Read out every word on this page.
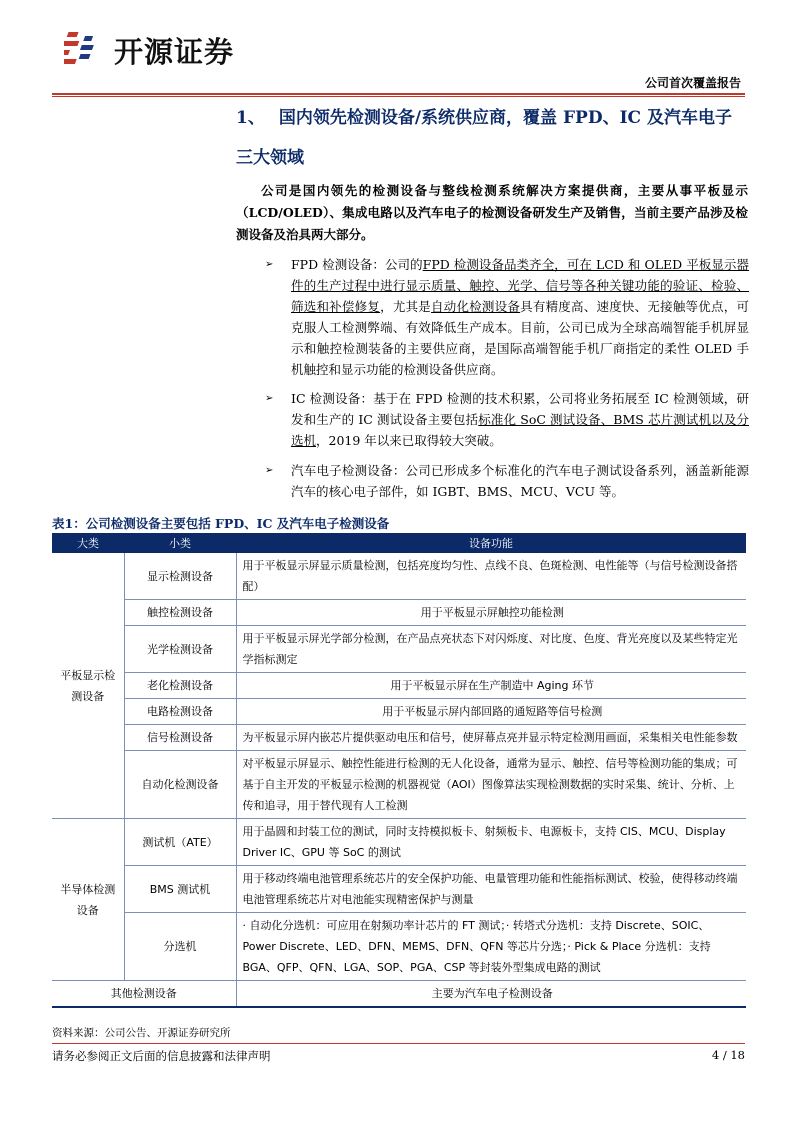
开源证券
公司首次覆盖报告
1、 国内领先检测设备/系统供应商，覆盖 FPD、IC 及汽车电子
三大领域
公司是国内领先的检测设备与整线检测系统解决方案提供商，主要从事平板显示（LCD/OLED）、集成电路以及汽车电子的检测设备研发生产及销售，当前主要产品涉及检测设备及治具两大部分。
➢ FPD 检测设备：公司的FPD 检测设备品类齐全，可在 LCD 和 OLED 平板显示器件的生产过程中进行显示质量、触控、光学、信号等各种关键功能的验证、检验、筛选和补偿修复，尤其是自动化检测设备具有精度高、速度快、无接触等优点，可克服人工检测弊端、有效降低生产成本。目前，公司已成为全球高端智能手机屏显示和触控检测装备的主要供应商，是国际高端智能手机厂商指定的柔性 OLED 手机触控和显示功能的检测设备供应商。
➢ IC 检测设备：基于在 FPD 检测的技术积累，公司将业务拓展至 IC 检测领域，研发和生产的 IC 测试设备主要包括标准化 SoC 测试设备、BMS 芯片测试机以及分选机，2019 年以来已取得较大突破。
➢ 汽车电子检测设备：公司已形成多个标准化的汽车电子测试设备系列，涵盖新能源汽车的核心电子部件，如 IGBT、BMS、MCU、VCU 等。
表1：公司检测设备主要包括 FPD、IC 及汽车电子检测设备
大类	小类	设备功能
平板显示检测设备	显示检测设备	用于平板显示屏显示质量检测，包括亮度均匀性、点线不良、色斑检测、电性能等（与信号检测设备搭配）
	触控检测设备	用于平板显示屏触控功能检测
	光学检测设备	用于平板显示屏光学部分检测，在产品点亮状态下对闪烁度、对比度、色度、背光亮度以及某些特定光学指标测定
	老化检测设备	用于平板显示屏在生产制造中 Aging 环节
	电路检测设备	用于平板显示屏内部回路的通短路等信号检测
	信号检测设备	为平板显示屏内嵌芯片提供驱动电压和信号，使屏幕点亮并显示特定检测用画面，采集相关电性能参数
	自动化检测设备	对平板显示屏显示、触控性能进行检测的无人化设备，通常为显示、触控、信号等检测功能的集成；可基于自主开发的平板显示检测的机器视觉（AOI）图像算法实现检测数据的实时采集、统计、分析、上传和追寻，用于替代现有人工检测
半导体检测设备	测试机（ATE）	用于晶圆和封装工位的测试，同时支持模拟板卡、射频板卡、电源板卡，支持 CIS、MCU、Display Driver IC、GPU 等 SoC 的测试
	BMS 测试机	用于移动终端电池管理系统芯片的安全保护功能、电量管理功能和性能指标测试、校验，使得移动终端电池管理系统芯片对电池能实现精密保护与测量
	分选机	· 自动化分选机：可应用在射频功率计芯片的 FT 测试；· 转塔式分选机：支持 Discrete、SOIC、Power Discrete、LED、DFN、MEMS、DFN、QFN 等芯片分选；· Pick & Place 分选机：支持 BGA、QFP、QFN、LGA、SOP、PGA、CSP 等封装外型集成电路的测试
其他检测设备		主要为汽车电子检测设备
资料来源：公司公告、开源证券研究所
请务必参阅正文后面的信息披露和法律声明	4 / 18
